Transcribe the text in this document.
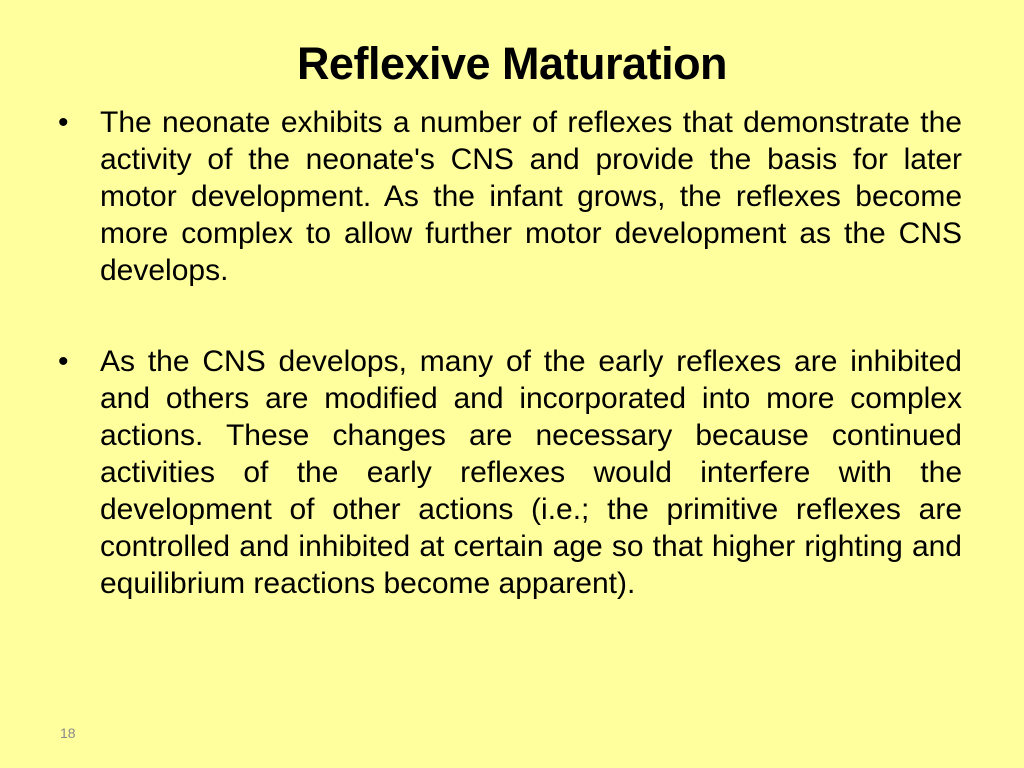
Reflexive Maturation
•	The neonate exhibits a number of reflexes that demonstrate the activity of the neonate's CNS and provide the basis for later motor development. As the infant grows, the reflexes become more complex to allow further motor development as the CNS develops.
•	As the CNS develops, many of the early reflexes are inhibited and others are modified and incorporated into more complex actions. These changes are necessary because continued activities of the early reflexes would interfere with the development of other actions (i.e.; the primitive reflexes are controlled and inhibited at certain age so that higher righting and equilibrium reactions become apparent).
18
